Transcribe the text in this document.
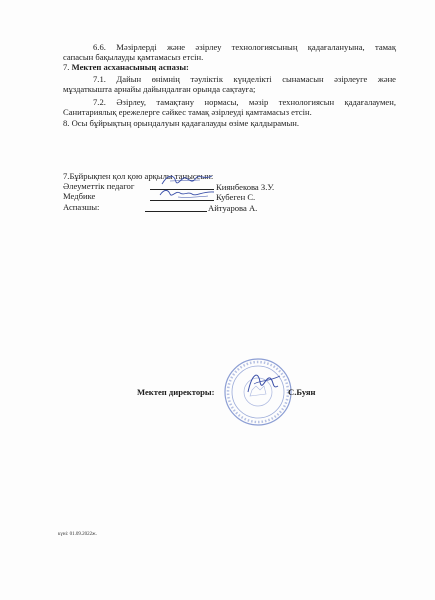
6.6. Мәзірлерді және әзірлеу технологиясының қадағалануына, тамақ
сапасын бақылауды қамтамасыз етсін.
7. Мектеп асханасының аспазы:
7.1. Дайын өнімнің тәуліктік күнделікті сынамасын әзірлеуге және
мұздаткышта арнайы дайындалған орында сақтауға;
7.2. Әзірлеу, тамақтану нормасы, мәзір технологиясын қадағалаумен,
Санитариялық ережелерге сәйкес тамақ әзірлеуді қамтамасыз етсін.
8. Осы бұйрықтың орындалуын қадағалауды өзіме қалдырамын.
7.Бұйрықпен қол қою арқылы таныссын:
Әлеуметтік педагог	Киянбекова З.У.
Медбике	Кубеген С.
Аспазшы:	Айтуарова А.
Мектеп директоры:	С.Буян
күні: 01.09.2022ж.
